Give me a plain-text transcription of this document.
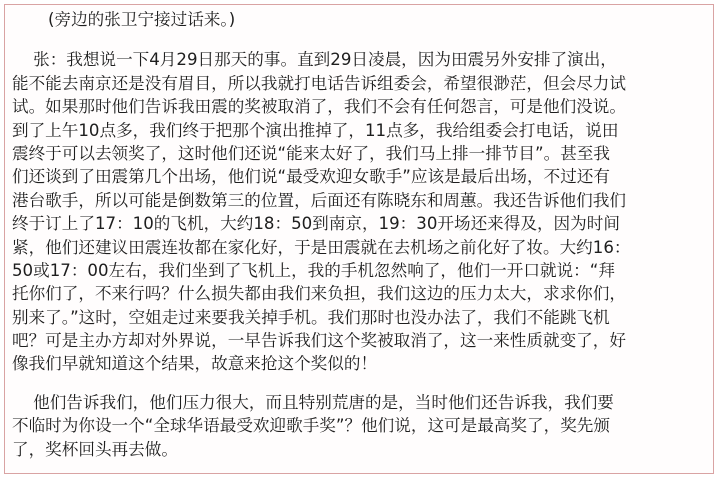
(旁边的张卫宁接过话来。)
张：我想说一下4月29日那天的事。直到29日凌晨，因为田震另外安排了演出，
能不能去南京还是没有眉目，所以我就打电话告诉组委会，希望很渺茫，但会尽力试
试。如果那时他们告诉我田震的奖被取消了，我们不会有任何怨言，可是他们没说。
到了上午10点多，我们终于把那个演出推掉了，11点多，我给组委会打电话，说田
震终于可以去领奖了，这时他们还说“能来太好了，我们马上排一排节目”。甚至我
们还谈到了田震第几个出场，他们说“最受欢迎女歌手”应该是最后出场，不过还有
港台歌手，所以可能是倒数第三的位置，后面还有陈晓东和周蕙。我还告诉他们我们
终于订上了17：10的飞机，大约18：50到南京，19：30开场还来得及，因为时间
紧，他们还建议田震连妆都在家化好，于是田震就在去机场之前化好了妆。大约16：
50或17：00左右，我们坐到了飞机上，我的手机忽然响了，他们一开口就说：“拜
托你们了，不来行吗？什么损失都由我们来负担，我们这边的压力太大，求求你们，
别来了。”这时，空姐走过来要我关掉手机。我们那时也没办法了，我们不能跳飞机
吧？可是主办方却对外界说，一早告诉我们这个奖被取消了，这一来性质就变了，好
像我们早就知道这个结果，故意来抢这个奖似的！
他们告诉我们，他们压力很大，而且特别荒唐的是，当时他们还告诉我，我们要
不临时为你设一个“全球华语最受欢迎歌手奖”？他们说，这可是最高奖了，奖先颁
了，奖杯回头再去做。
